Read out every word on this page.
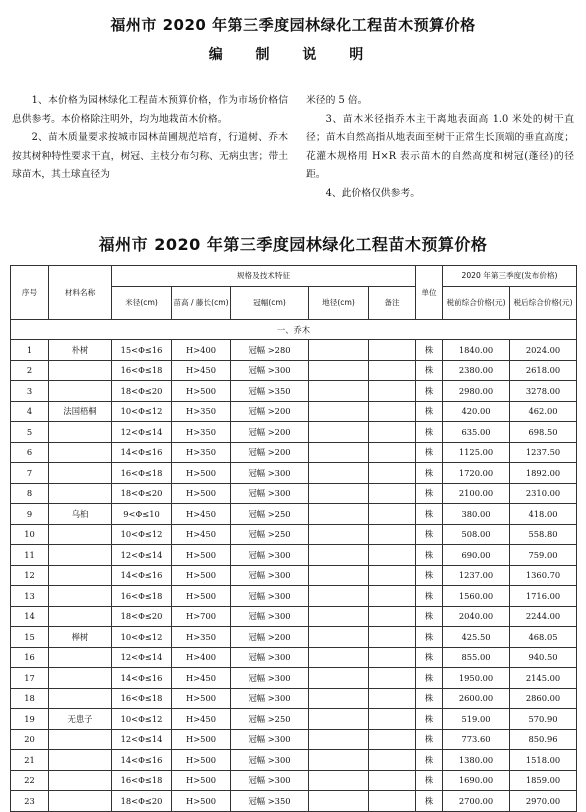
福州市 2020 年第三季度园林绿化工程苗木预算价格
编 制 说 明

1、本价格为园林绿化工程苗木预算价格，作为市场价格信息供参考。本价格除注明外，均为地栽苗木价格。

2、苗木质量要求按城市园林苗圃规范培育，行道树、乔木按其树种特性要求干直，树冠、主枝分布匀称、无病虫害；带土球苗木，其土球直径为

米径的 5 倍。

3、苗木米径指乔木主干离地表面高 1.0 米处的树干直径；苗木自然高指从地表面至树干正常生长顶端的垂直高度；花灌木规格用 H×R 表示苗木的自然高度和树冠(蓬径)的径距。

4、此价格仅供参考。

福州市 2020 年第三季度园林绿化工程苗木预算价格
序号	材料名称	规格及技术特征					单位	2020 年第三季度(发布价格)	
		米径(cm)	苗高 / 藤长(cm)	冠幅(cm)	地径(cm)	备注		税前综合价格(元)	税后综合价格(元)
一、乔木									
1	朴树	15<Φ≤16	H>400	冠幅 >280			株	1840.00	2024.00
2		16<Φ≤18	H>450	冠幅 >300			株	2380.00	2618.00
3		18<Φ≤20	H>500	冠幅 >350			株	2980.00	3278.00
4	法国梧桐	10<Φ≤12	H>350	冠幅 >200			株	420.00	462.00
5		12<Φ≤14	H>350	冠幅 >200			株	635.00	698.50
6		14<Φ≤16	H>350	冠幅 >200			株	1125.00	1237.50
7		16<Φ≤18	H>500	冠幅 >300			株	1720.00	1892.00
8		18<Φ≤20	H>500	冠幅 >300			株	2100.00	2310.00
9	乌桕	9<Φ≤10	H>450	冠幅 >250			株	380.00	418.00
10		10<Φ≤12	H>450	冠幅 >250			株	508.00	558.80
11		12<Φ≤14	H>500	冠幅 >300			株	690.00	759.00
12		14<Φ≤16	H>500	冠幅 >300			株	1237.00	1360.70
13		16<Φ≤18	H>500	冠幅 >300			株	1560.00	1716.00
14		18<Φ≤20	H>700	冠幅 >300			株	2040.00	2244.00
15	榉树	10<Φ≤12	H>350	冠幅 >200			株	425.50	468.05
16		12<Φ≤14	H>400	冠幅 >300			株	855.00	940.50
17		14<Φ≤16	H>450	冠幅 >300			株	1950.00	2145.00
18		16<Φ≤18	H>500	冠幅 >300			株	2600.00	2860.00
19	无患子	10<Φ≤12	H>450	冠幅 >250			株	519.00	570.90
20		12<Φ≤14	H>500	冠幅 >300			株	773.60	850.96
21		14<Φ≤16	H>500	冠幅 >300			株	1380.00	1518.00
22		16<Φ≤18	H>500	冠幅 >300			株	1690.00	1859.00
23		18<Φ≤20	H>500	冠幅 >350			株	2700.00	2970.00
